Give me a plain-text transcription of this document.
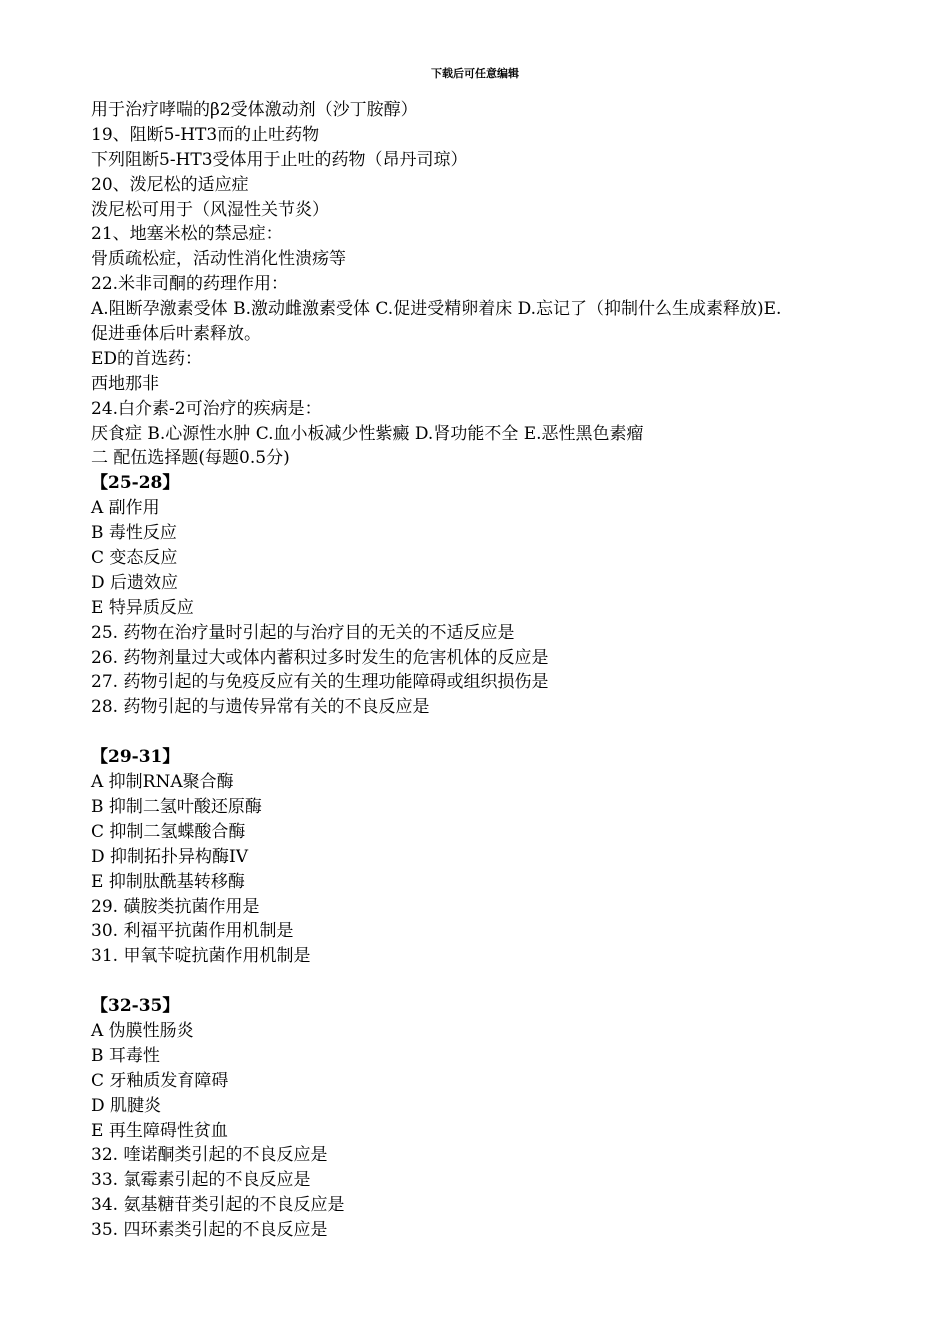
下载后可任意编辑
用于治疗哮喘的β2受体激动剂（沙丁胺醇）
19、阻断5-HT3而的止吐药物
下列阻断5-HT3受体用于止吐的药物（昂丹司琼）
20、泼尼松的适应症
泼尼松可用于（风湿性关节炎）
21、地塞米松的禁忌症：
骨质疏松症，活动性消化性溃疡等
22.米非司酮的药理作用：
A.阻断孕激素受体 B.激动雌激素受体 C.促进受精卵着床 D.忘记了（抑制什么生成素释放)E.
促进垂体后叶素释放。
ED的首选药：
西地那非
24.白介素-2可治疗的疾病是：
厌食症 B.心源性水肿 C.血小板减少性紫癜 D.肾功能不全 E.恶性黑色素瘤
二 配伍选择题(每题0.5分)
【25-28】
A 副作用
B 毒性反应
C 变态反应
D 后遗效应
E 特异质反应
25. 药物在治疗量时引起的与治疗目的无关的不适反应是
26. 药物剂量过大或体内蓄积过多时发生的危害机体的反应是
27. 药物引起的与免疫反应有关的生理功能障碍或组织损伤是
28. 药物引起的与遗传异常有关的不良反应是
【29-31】
A 抑制RNA聚合酶
B 抑制二氢叶酸还原酶
C 抑制二氢蝶酸合酶
D 抑制拓扑异构酶IV
E 抑制肽酰基转移酶
29. 磺胺类抗菌作用是
30. 利福平抗菌作用机制是
31. 甲氧苄啶抗菌作用机制是
【32-35】
A 伪膜性肠炎
B 耳毒性
C 牙釉质发育障碍
D 肌腱炎
E 再生障碍性贫血
32. 喹诺酮类引起的不良反应是
33. 氯霉素引起的不良反应是
34. 氨基糖苷类引起的不良反应是
35. 四环素类引起的不良反应是
